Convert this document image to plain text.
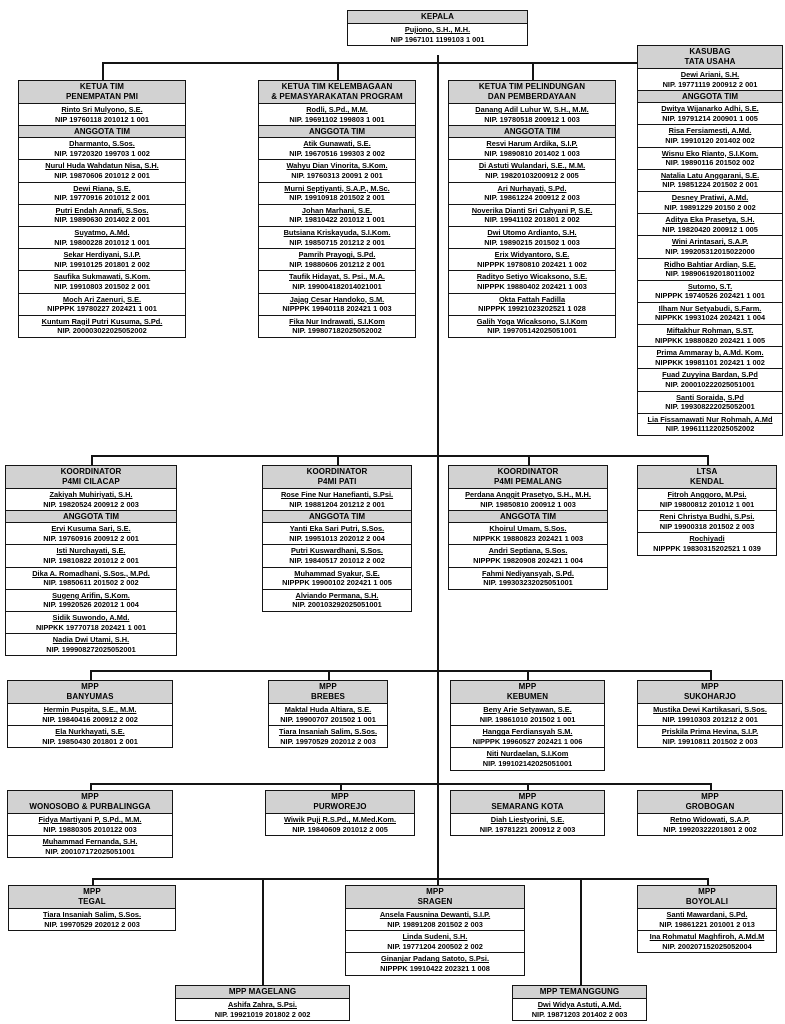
KEPALA
Pujiono, S.H., M.H.
NIP 1967101 1199103 1 001
KASUBAG
TATA USAHA
Dewi Ariani, S.H.
NIP. 19771119 200912 2 001
ANGGOTA TIM
Dwitya Wijanarko Adhi, S.E.
NIP. 19791214 200901 1 005
Risa Fersiamesti, A.Md.
NIP. 19910120 201402 002
Wisnu Eko Rianto, S.I.Kom.
NIP. 19890116 201502 002
Natalia Latu Anggarani, S.E.
NIP. 19851224 201502 2 001
Desney Pratiwi, A.Md.
NIP. 19891229 20150 2 002
Aditya Eka Prasetya, S.H.
NIP. 19820420 200912 1 005
Wini Arintasari, S.A.P.
NIP. 199205312015022000
Ridho Bahtiar Ardian, S.E.
NIP. 198906192018011002
Sutomo, S.T.
NIPPPK 19740526 202421 1 001
Ilham Nur Setyabudi, S.Farm.
NIPPKK 19931024 202421 1 004
Miftakhur Rohman, S.ST.
NIPPKK 19880820 202421 1 005
Prima Ammaray b, A.Md. Kom.
NIPPKK 19981101 202421 1 002
Fuad Zuyyina Bardan, S.Pd
NIP. 200010222025051001
Santi Soraida, S.Pd
NIP. 199308222025052001
Lia Fissamawati Nur Rohmah, A.Md
NIP. 199611122025052002
KETUA TIM
PENEMPATAN PMI
Rinto Sri Mulyono, S.E.
NIP 19760118 201012 1 001
ANGGOTA TIM
Dharmanto, S.Sos.
NIP. 19720320 199703 1 002
Nurul Huda Wahdatun Nisa, S.H.
NIP. 19870606 201012 2 001
Dewi Riana, S.E.
NIP. 19770916 201012 2 001
Putri Endah Annafi, S.Sos.
NIP. 19890630 201402 2 001
Suyatmo, A.Md.
NIP. 19800228 201012 1 001
Sekar Herdiyani, S.I.P.
NIP. 19910125 201801 2 002
Saufika Sukmawati, S.Kom.
NIP. 19910803 201502 2 001
Moch Ari Zaenuri, S.E.
NIPPPK 19780227 202421 1 001
Kuntum Ragil Putri Kusuma, S.Pd.
NIP. 200003022025052002
KETUA TIM KELEMBAGAAN
& PEMASYARAKATAN PROGRAM
Rodli, S.Pd., M.M.
NIP. 19691102 199803 1 001
ANGGOTA TIM
Atik Gunawati, S.E.
NIP. 19670516 199303 2 002
Wahyu Dian Vinorita, S.Kom.
NIP. 19760313 20091 2 001
Murni Septiyanti, S.A.P., M.Sc.
NIP. 19910918 201502 2 001
Johan Marhani, S.E.
NIP. 19810422 201012 1 001
Butsiana Kriskayuda, S.I.Kom.
NIP. 19850715 201212 2 001
Pamrih Prayogi, S.Pd.
NIP. 19880606 201212 2 001
Taufik Hidayat, S. Psi., M.A.
NIP. 199004182014021001
Jajag Cesar Handoko, S.M.
NIPPPK 19940118 202421 1 003
Fika Nur Indrawati, S.I.Kom
NIP. 199807182025052002
KETUA TIM PELINDUNGAN
DAN PEMBERDAYAAN
Danang Adil Luhur W, S.H., M.M.
NIP. 19780518 200912 1 003
ANGGOTA TIM
Resvi Harum Ardika, S.I.P.
NIP. 19890810 201402 1 003
Di Astuti Wulandari, S.E., M.M.
NIP. 19820103200912 2 005
Ari Nurhayati, S.Pd.
NIP. 19861224 200912 2 003
Noverika Dianti Sri Cahyani P, S.E.
NIP. 19941102 201801 2 002
Dwi Utomo Ardianto, S.H.
NIP. 19890215 201502 1 003
Erix Widyantoro, S.E.
NIPPPK 19780810 202421 1 002
Radityo Setiyo Wicaksono, S.E.
NIPPPK 19880402 202421 1 003
Okta Fattah Fadilla
NIPPPK 19921023202521 1 028
Galih Yoga Wicaksono, S.I.Kom
NIP. 199705142025051001
KOORDINATOR
P4MI CILACAP
Zakiyah Muhiriyati, S.H.
NIP. 19820524 200912 2 003
ANGGOTA TIM
Ervi Kusuma Sari, S.E.
NIP. 19760916 200912 2 001
Isti Nurchayati, S.E.
NIP. 19810822 201012 2 001
Dika A. Romadhani, S.Sos., M.Pd.
NIP. 19850611 201502 2 002
Sugeng Arifin, S.Kom.
NIP. 19920526 202012 1 004
Sidik Suwondo, A.Md.
NIPPKK 19770718 202421 1 001
Nadia Dwi Utami, S.H.
NIP. 199908272025052001
KOORDINATOR
P4MI PATI
Rose Fine Nur Hanefianti, S.Psi.
NIP. 19881204 201212 2 001
ANGGOTA TIM
Yanti Eka Sari Putri, S.Sos.
NIP. 19951013 202012 2 004
Putri Kuswardhani, S.Sos.
NIP. 19840517 201012 2 002
Muhammad Syakur, S.E.
NIPPPK 19900102 202421 1 005
Alviando Permana, S.H.
NIP. 200103292025051001
KOORDINATOR
P4MI PEMALANG
Perdana Anggit Prasetyo, S.H., M.H.
NIP. 19850810 200912 1 003
ANGGOTA TIM
Khoirul Umam, S.Sos.
NIPPKK 19880823 202421 1 003
Andri Septiana, S.Sos.
NIPPPK 19820908 202421 1 004
Fahmi Nediyansyah, S.Pd.
NIP. 199303232025051001
LTSA
KENDAL
Fitroh Anggoro, M.Psi.
NIP 19800812 201012 1 001
Reni Christya Budhi, S.Psi.
NIP 19900318 201502 2 003
Rochiyadi
NIPPPK 19830315202521 1 039
MPP
BANYUMAS
Hermin Puspita, S.E., M.M.
NIP. 19840416 200912 2 002
Ela Nurkhayati, S.E.
NIP. 19850430 201801 2 001
MPP
BREBES
Maktal Huda Altiara, S.E.
NIP. 19900707 201502 1 001
Tiara Insaniah Salim, S.Sos.
NIP. 19970529 202012 2 003
MPP
KEBUMEN
Beny Arie Setyawan, S.E.
NIP. 19861010 201502 1 001
Hangga Ferdiansyah S.M.
NIPPPK 19960527 202421 1 006
Niti Nurdaelan, S.I.Kom
NIP. 199102142025051001
MPP
SUKOHARJO
Mustika Dewi Kartikasari, S.Sos.
NIP. 19910303 201212 2 001
Priskila Prima Hevina, S.I.P.
NIP. 19910811 201502 2 003
MPP
WONOSOBO & PURBALINGGA
Fidya Martiyani P, S.Pd., M.M.
NIP. 19880305 2010122 003
Muhammad Fernanda, S.H.
NIP. 200107172025051001
MPP
PURWOREJO
Wiwik Puji R.S.Pd., M.Med.Kom.
NIP. 19840609 201012 2 005
MPP
SEMARANG KOTA
Diah Liestyorini, S.E.
NIP. 19781221 200912 2 003
MPP
GROBOGAN
Retno Widowati, S.A.P.
NIP. 19920322201801 2 002
MPP
TEGAL
Tiara Insaniah Salim, S.Sos.
NIP. 19970529 202012 2 003
MPP
SRAGEN
Ansela Fausnina Dewanti, S.I.P.
NIP. 19891208 201502 2 003
Linda Sudeni, S.H.
NIP. 19771204 200502 2 002
Ginanjar Padang Satoto, S.Psi.
NIPPPK 19910422 202321 1 008
MPP
BOYOLALI
Santi Mawardani, S.Pd.
NIP. 19861221 201001 2 013
Ina Rohmatul Maghfiroh, A.Md.M
NIP. 200207152025052004
MPP MAGELANG
Ashifa Zahra, S.Psi.
NIP. 19921019 201802 2 002
MPP TEMANGGUNG
Dwi Widya Astuti, A.Md.
NIP. 19871203 201402 2 003
